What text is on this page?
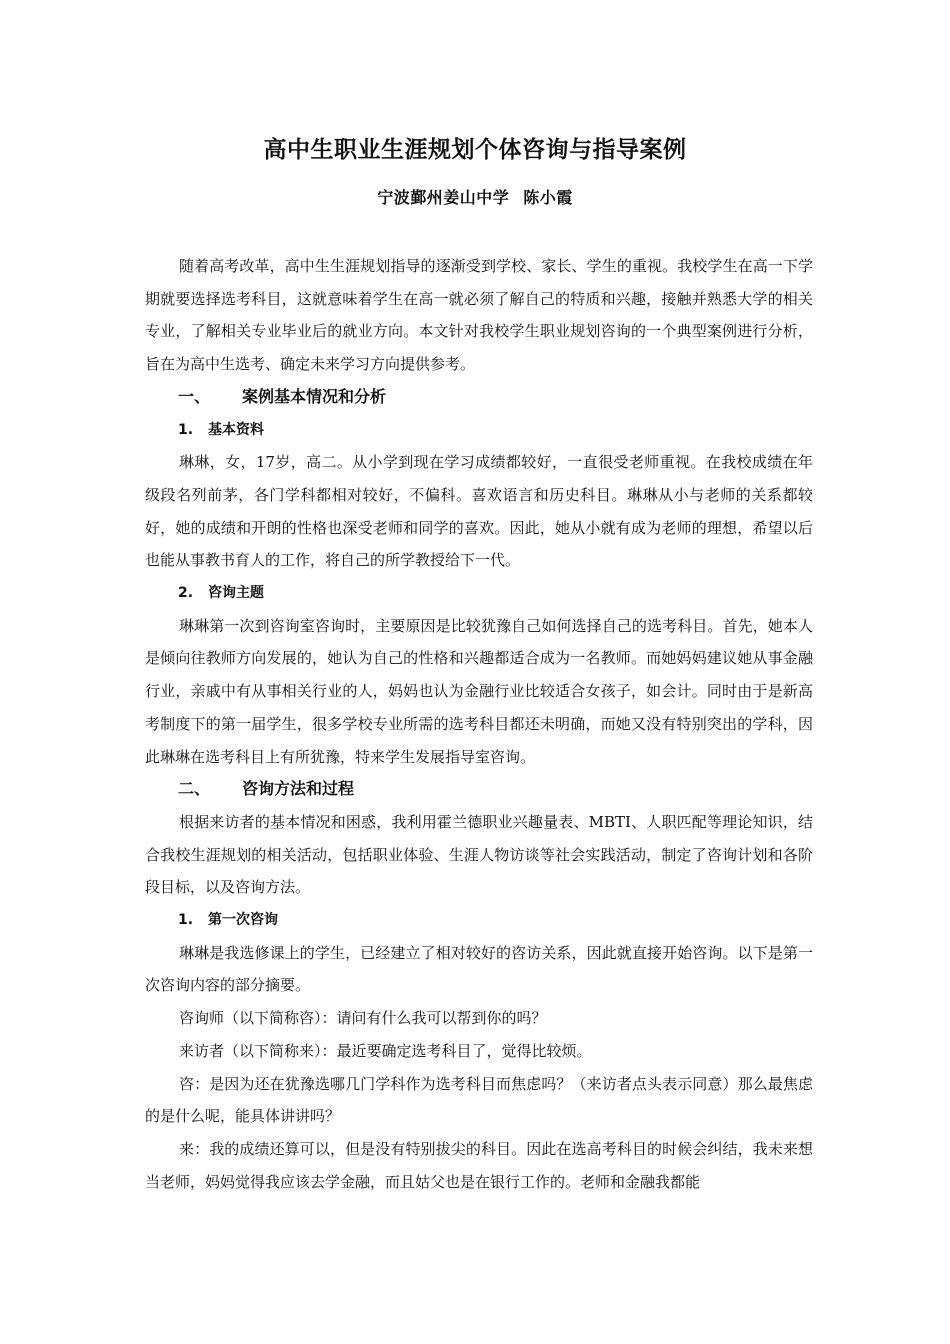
高中生职业生涯规划个体咨询与指导案例
宁波鄞州姜山中学 陈小霞

随着高考改革，高中生生涯规划指导的逐渐受到学校、家长、学生的重视。我校学生在高一下学期就要选择选考科目，这就意味着学生在高一就必须了解自己的特质和兴趣，接触并熟悉大学的相关专业，了解相关专业毕业后的就业方向。本文针对我校学生职业规划咨询的一个典型案例进行分析，旨在为高中生选考、确定未来学习方向提供参考。

一、 案例基本情况和分析
1. 基本资料

琳琳，女，17岁，高二。从小学到现在学习成绩都较好，一直很受老师重视。在我校成绩在年级段名列前茅，各门学科都相对较好，不偏科。喜欢语言和历史科目。琳琳从小与老师的关系都较好，她的成绩和开朗的性格也深受老师和同学的喜欢。因此，她从小就有成为老师的理想，希望以后也能从事教书育人的工作，将自己的所学教授给下一代。

2. 咨询主题

琳琳第一次到咨询室咨询时，主要原因是比较犹豫自己如何选择自己的选考科目。首先，她本人是倾向往教师方向发展的，她认为自己的性格和兴趣都适合成为一名教师。而她妈妈建议她从事金融行业，亲戚中有从事相关行业的人，妈妈也认为金融行业比较适合女孩子，如会计。同时由于是新高考制度下的第一届学生，很多学校专业所需的选考科目都还未明确，而她又没有特别突出的学科，因此琳琳在选考科目上有所犹豫，特来学生发展指导室咨询。

二、 咨询方法和过程

根据来访者的基本情况和困惑，我利用霍兰德职业兴趣量表、MBTI、人职匹配等理论知识，结合我校生涯规划的相关活动，包括职业体验、生涯人物访谈等社会实践活动，制定了咨询计划和各阶段目标，以及咨询方法。

1. 第一次咨询

琳琳是我选修课上的学生，已经建立了相对较好的咨访关系，因此就直接开始咨询。以下是第一次咨询内容的部分摘要。

咨询师（以下简称咨）：请问有什么我可以帮到你的吗？

来访者（以下简称来）：最近要确定选考科目了，觉得比较烦。

咨：是因为还在犹豫选哪几门学科作为选考科目而焦虑吗？（来访者点头表示同意）那么最焦虑的是什么呢，能具体讲讲吗？

来：我的成绩还算可以，但是没有特别拔尖的科目。因此在选高考科目的时候会纠结，我未来想当老师，妈妈觉得我应该去学金融，而且姑父也是在银行工作的。老师和金融我都能
